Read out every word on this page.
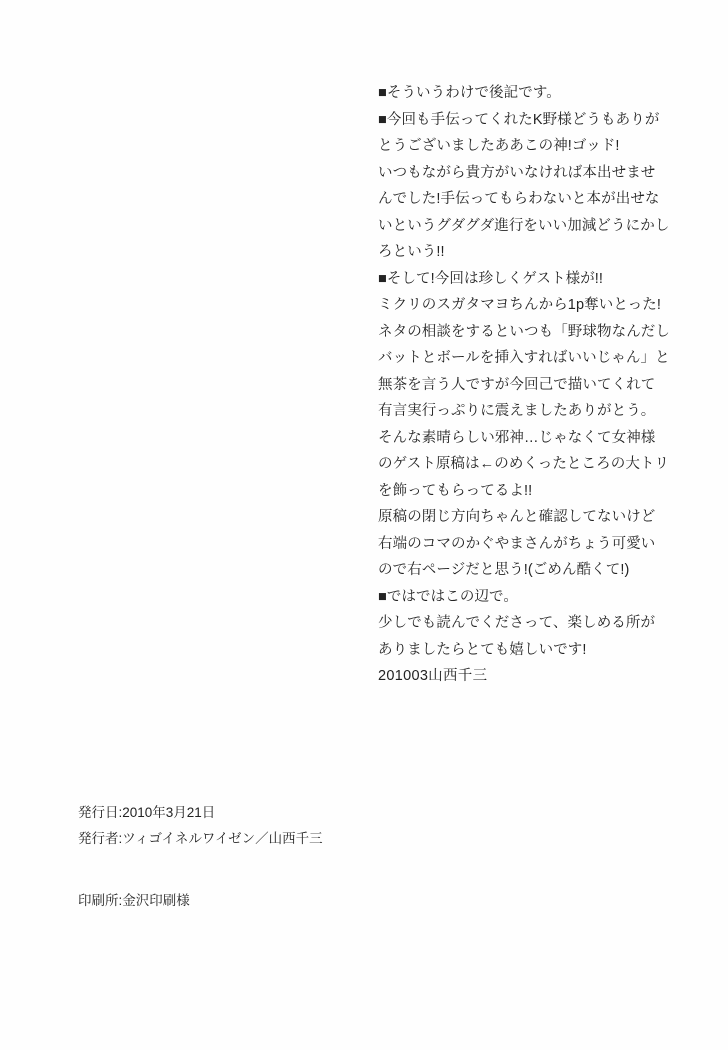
■そういうわけで後記です。

■今回も手伝ってくれたK野様どうもありが

とうございましたああこの神!ゴッド!

いつもながら貴方がいなければ本出せませ

んでした!手伝ってもらわないと本が出せな

いというグダグダ進行をいい加減どうにかし

ろという!!

■そして!今回は珍しくゲスト様が!!

ミクリのスガタマヨちんから1p奪いとった!

ネタの相談をするといつも「野球物なんだし

バットとボールを挿入すればいいじゃん」と

無茶を言う人ですが今回己で描いてくれて

有言実行っぷりに震えましたありがとう。

そんな素晴らしい邪神…じゃなくて女神様

のゲスト原稿は←のめくったところの大トリ

を飾ってもらってるよ!!

原稿の閉じ方向ちゃんと確認してないけど

右端のコマのかぐやまさんがちょう可愛い

ので右ページだと思う!(ごめん酷くて!)

■ではではこの辺で。

少しでも読んでくださって、楽しめる所が

ありましたらとても嬉しいです!

201003山西千三

発行日:2010年3月21日

発行者:ツィゴイネルワイゼン／山西千三

印刷所:金沢印刷様
